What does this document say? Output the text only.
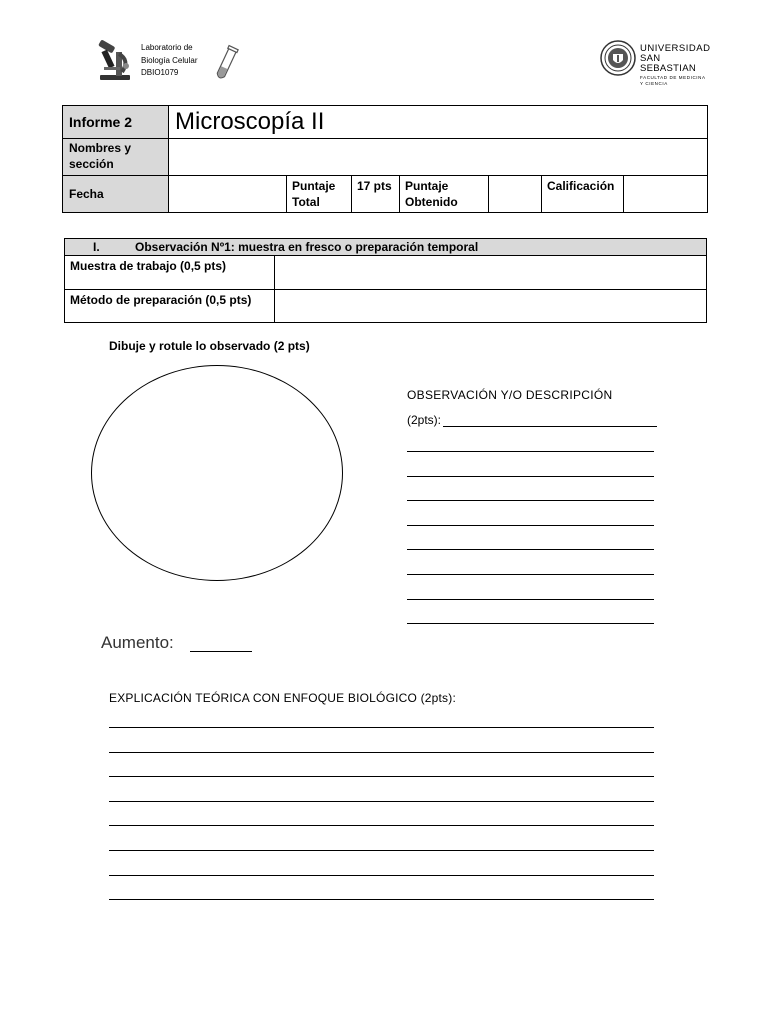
Laboratorio de
Biología Celular
DBIO1079
UNIVERSIDAD
SAN SEBASTIAN
FACULTAD DE MEDICINA Y CIENCIA
Informe 2	Microscopía II						
Nombres y sección							
Fecha		Puntaje Total	17 pts	Puntaje Obtenido		Calificación	
I. Observación Nº1: muestra en fresco o preparación temporal	
Muestra de trabajo (0,5 pts)	
Método de preparación (0,5 pts)	
Dibuje y rotule lo observado (2 pts)
Aumento:
OBSERVACIÓN Y/O DESCRIPCIÓN
(2pts):
EXPLICACIÓN TEÓRICA CON ENFOQUE BIOLÓGICO (2pts):
